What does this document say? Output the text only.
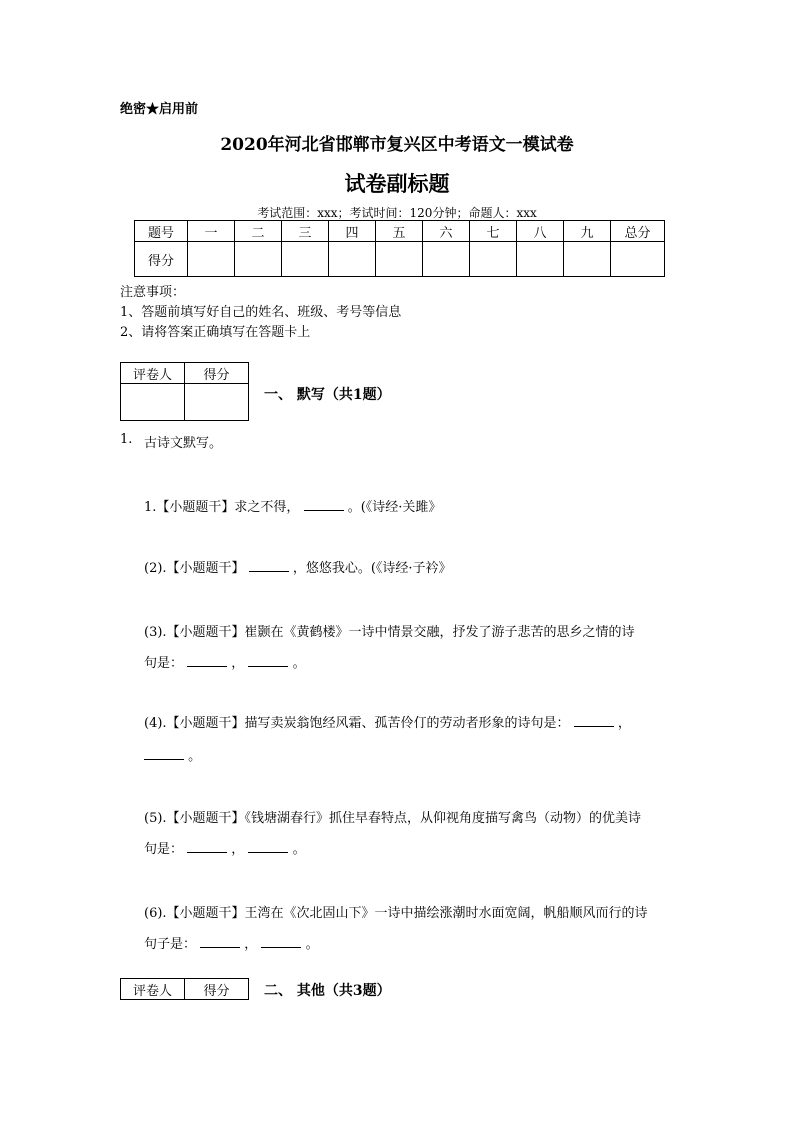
绝密★启用前
2020年河北省邯郸市复兴区中考语文一模试卷
试卷副标题
考试范围：xxx；考试时间：120分钟；命题人：xxx
题号	一	二	三	四	五	六	七	八	九	总分
得分										
注意事项：
1、答题前填写好自己的姓名、班级、考号等信息
2、请将答案正确填写在答题卡上
评卷人	得分

一、 默写（共1题）
1. 古诗文默写。
1.【小题题干】求之不得，	。(《诗经·关雎》
(2).【小题题干】	，悠悠我心。(《诗经·子衿》
(3).【小题题干】崔颢在《黄鹤楼》一诗中情景交融，抒发了游子悲苦的思乡之情的诗
句是：	，	。
(4).【小题题干】描写卖炭翁饱经风霜、孤苦伶仃的劳动者形象的诗句是：	，
。
(5).【小题题干】《钱塘湖春行》抓住早春特点，从仰视角度描写禽鸟（动物）的优美诗
句是：	，	。
(6).【小题题干】王湾在《次北固山下》一诗中描绘涨潮时水面宽阔，帆船顺风而行的诗
句子是：	，	。
评卷人	得分 二、 其他（共3题）
